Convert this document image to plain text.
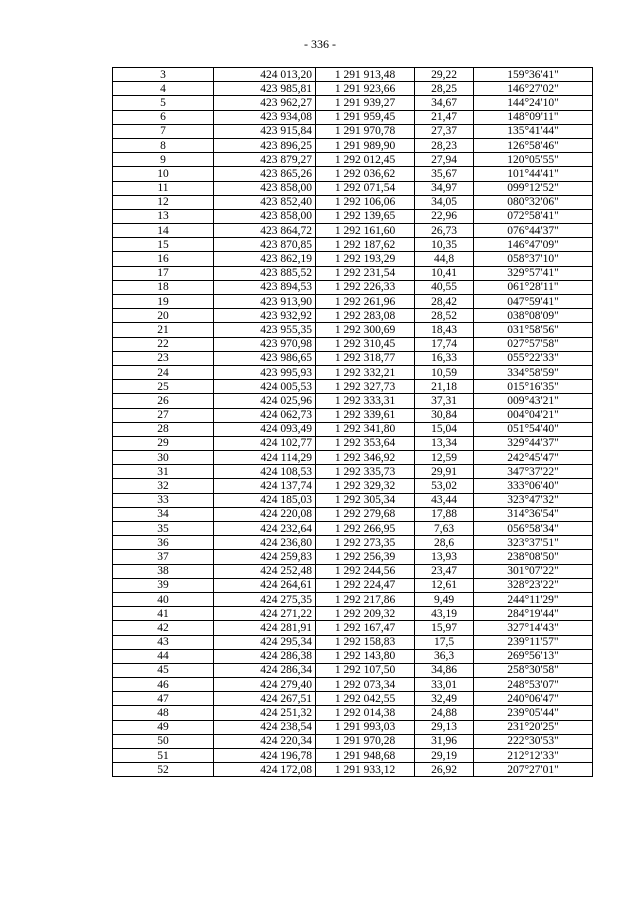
- 336 -
3	424 013,20	1 291 913,48	29,22	159°36'41"
4	423 985,81	1 291 923,66	28,25	146°27'02"
5	423 962,27	1 291 939,27	34,67	144°24'10"
6	423 934,08	1 291 959,45	21,47	148°09'11"
7	423 915,84	1 291 970,78	27,37	135°41'44"
8	423 896,25	1 291 989,90	28,23	126°58'46"
9	423 879,27	1 292 012,45	27,94	120°05'55"
10	423 865,26	1 292 036,62	35,67	101°44'41"
11	423 858,00	1 292 071,54	34,97	099°12'52"
12	423 852,40	1 292 106,06	34,05	080°32'06"
13	423 858,00	1 292 139,65	22,96	072°58'41"
14	423 864,72	1 292 161,60	26,73	076°44'37"
15	423 870,85	1 292 187,62	10,35	146°47'09"
16	423 862,19	1 292 193,29	44,8	058°37'10"
17	423 885,52	1 292 231,54	10,41	329°57'41"
18	423 894,53	1 292 226,33	40,55	061°28'11"
19	423 913,90	1 292 261,96	28,42	047°59'41"
20	423 932,92	1 292 283,08	28,52	038°08'09"
21	423 955,35	1 292 300,69	18,43	031°58'56"
22	423 970,98	1 292 310,45	17,74	027°57'58"
23	423 986,65	1 292 318,77	16,33	055°22'33"
24	423 995,93	1 292 332,21	10,59	334°58'59"
25	424 005,53	1 292 327,73	21,18	015°16'35"
26	424 025,96	1 292 333,31	37,31	009°43'21"
27	424 062,73	1 292 339,61	30,84	004°04'21"
28	424 093,49	1 292 341,80	15,04	051°54'40"
29	424 102,77	1 292 353,64	13,34	329°44'37"
30	424 114,29	1 292 346,92	12,59	242°45'47"
31	424 108,53	1 292 335,73	29,91	347°37'22"
32	424 137,74	1 292 329,32	53,02	333°06'40"
33	424 185,03	1 292 305,34	43,44	323°47'32"
34	424 220,08	1 292 279,68	17,88	314°36'54"
35	424 232,64	1 292 266,95	7,63	056°58'34"
36	424 236,80	1 292 273,35	28,6	323°37'51"
37	424 259,83	1 292 256,39	13,93	238°08'50"
38	424 252,48	1 292 244,56	23,47	301°07'22"
39	424 264,61	1 292 224,47	12,61	328°23'22"
40	424 275,35	1 292 217,86	9,49	244°11'29"
41	424 271,22	1 292 209,32	43,19	284°19'44"
42	424 281,91	1 292 167,47	15,97	327°14'43"
43	424 295,34	1 292 158,83	17,5	239°11'57"
44	424 286,38	1 292 143,80	36,3	269°56'13"
45	424 286,34	1 292 107,50	34,86	258°30'58"
46	424 279,40	1 292 073,34	33,01	248°53'07"
47	424 267,51	1 292 042,55	32,49	240°06'47"
48	424 251,32	1 292 014,38	24,88	239°05'44"
49	424 238,54	1 291 993,03	29,13	231°20'25"
50	424 220,34	1 291 970,28	31,96	222°30'53"
51	424 196,78	1 291 948,68	29,19	212°12'33"
52	424 172,08	1 291 933,12	26,92	207°27'01"
